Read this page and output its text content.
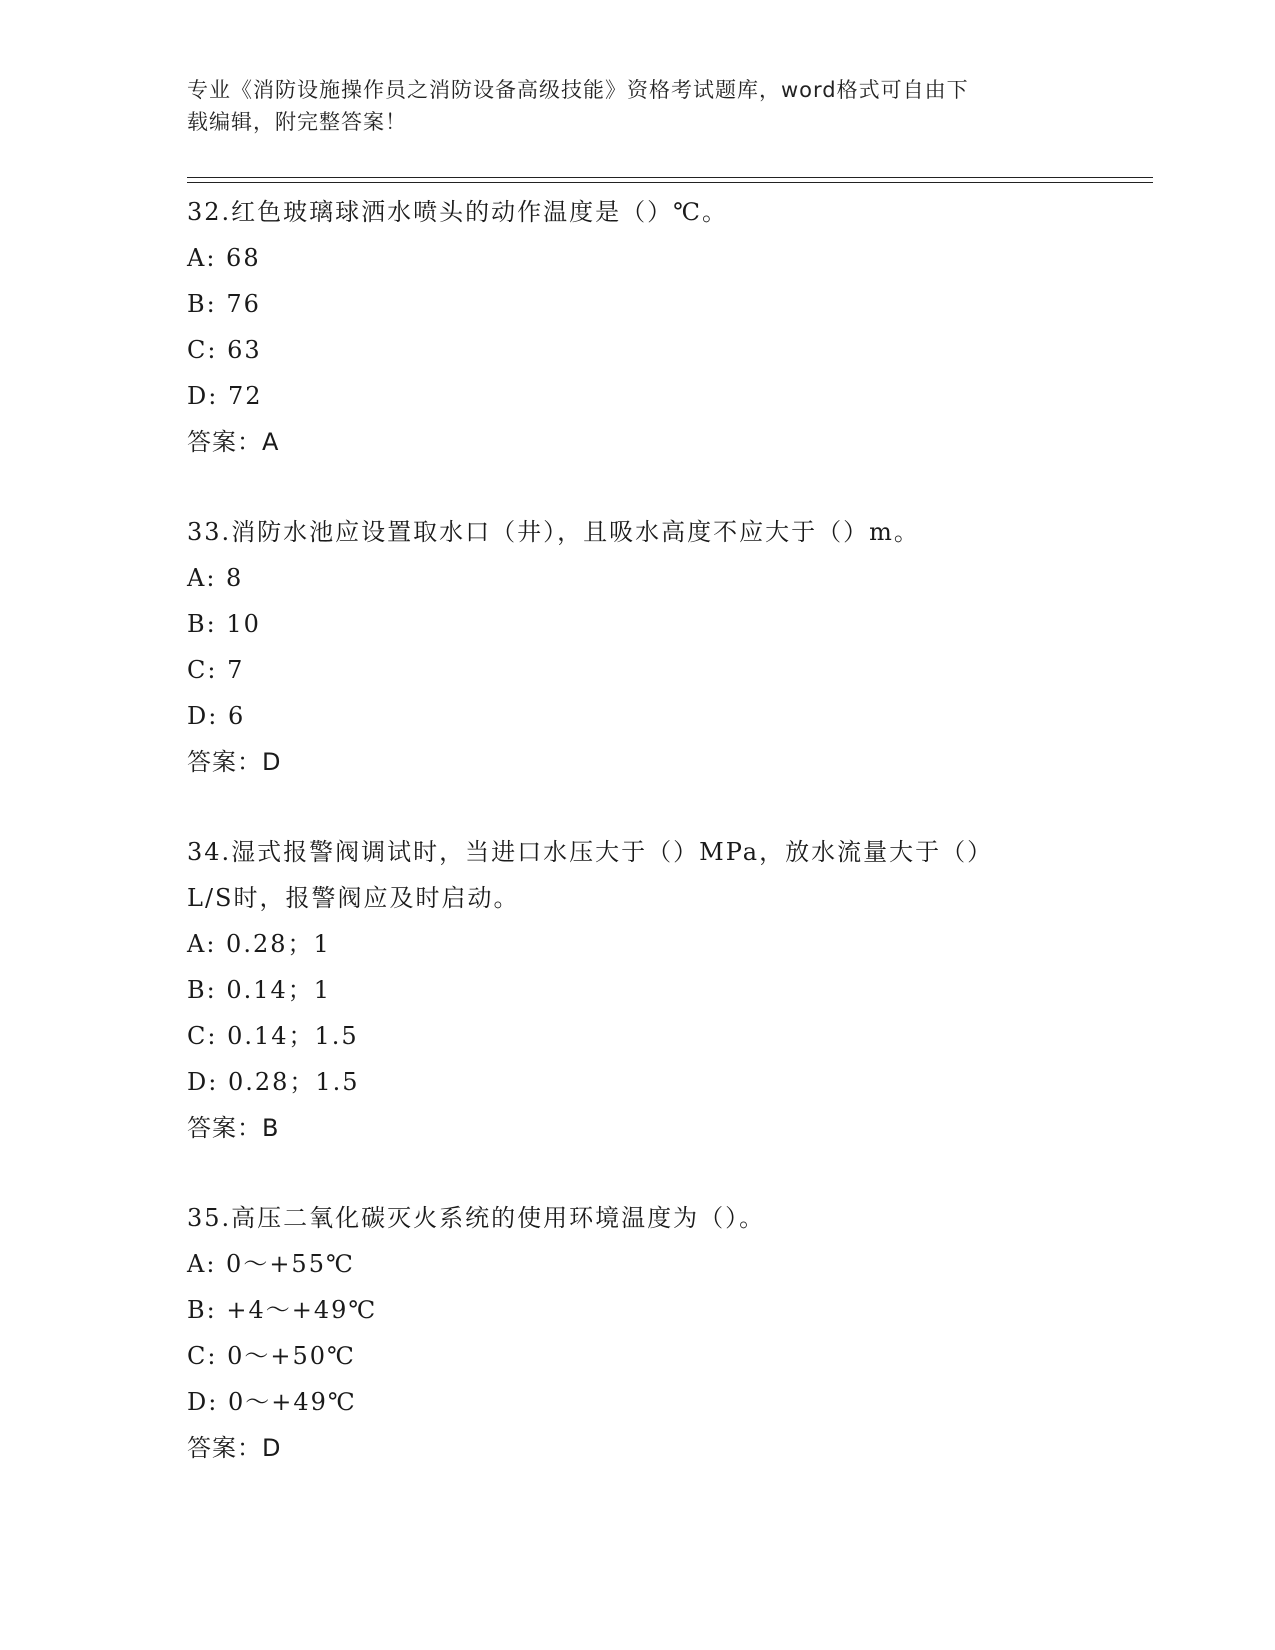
专业《消防设施操作员之消防设备高级技能》资格考试题库，word格式可自由下
载编辑，附完整答案！

32.红色玻璃球洒水喷头的动作温度是（）℃。

A: 68

B: 76

C: 63

D: 72

答案：A

33.消防水池应设置取水口（井），且吸水高度不应大于（）m。

A: 8

B: 10

C: 7

D: 6

答案：D

34.湿式报警阀调试时，当进口水压大于（）MPa，放水流量大于（）

L/S时，报警阀应及时启动。

A: 0.28；1

B: 0.14；1

C: 0.14；1.5

D: 0.28；1.5

答案：B

35.高压二氧化碳灭火系统的使用环境温度为（）。

A: 0～+55℃

B: +4～+49℃

C: 0～+50℃

D: 0～+49℃

答案：D
